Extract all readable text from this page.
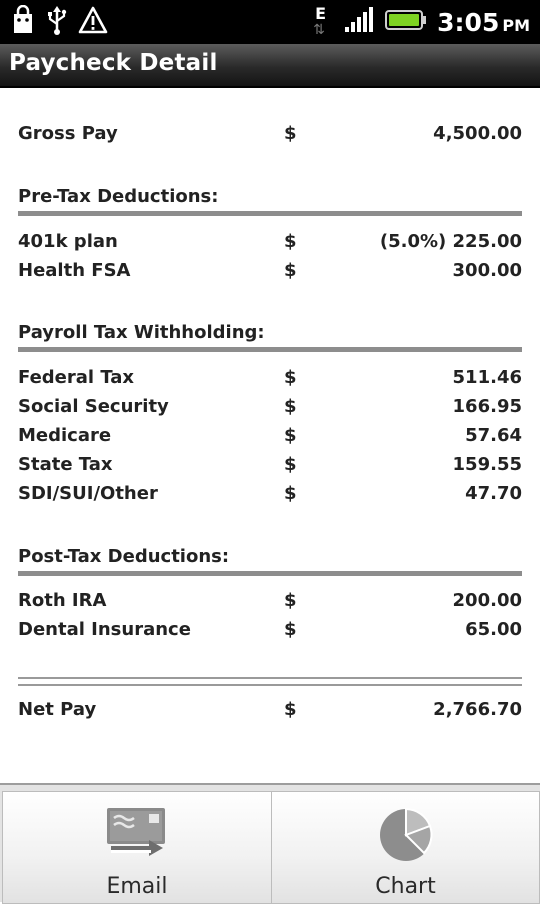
E
⇅	3:05 PM
Paycheck Detail
Gross Pay	$	4,500.00
Pre-Tax Deductions:
401k plan	$	(5.0%) 225.00
Health FSA	$	300.00
Payroll Tax Withholding:
Federal Tax	$	511.46
Social Security	$	166.95
Medicare	$	57.64
State Tax	$	159.55
SDI/SUI/Other	$	47.70
Post-Tax Deductions:
Roth IRA	$	200.00
Dental Insurance	$	65.00
Net Pay	$	2,766.70
Email	Chart
